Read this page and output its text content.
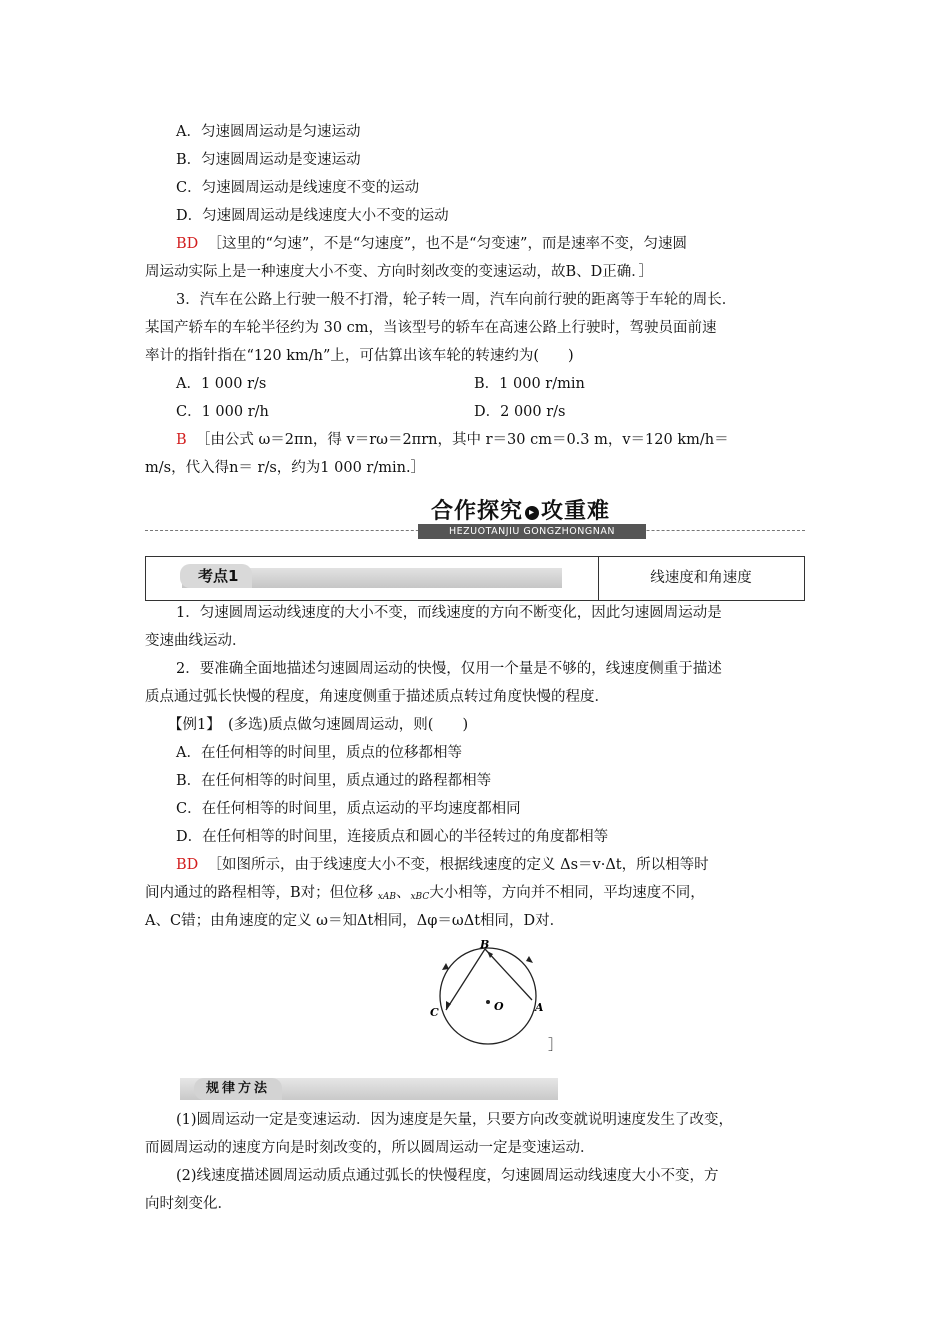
A．匀速圆周运动是匀速运动
B．匀速圆周运动是变速运动
C．匀速圆周运动是线速度不变的运动
D．匀速圆周运动是线速度大小不变的运动
BD ［这里的“匀速”，不是“匀速度”，也不是“匀变速”，而是速率不变，匀速圆
周运动实际上是一种速度大小不变、方向时刻改变的变速运动，故B、D正确．］
3．汽车在公路上行驶一般不打滑，轮子转一周，汽车向前行驶的距离等于车轮的周长．
某国产轿车的车轮半径约为 30 cm，当该型号的轿车在高速公路上行驶时，驾驶员面前速
率计的指针指在“120 km/h”上，可估算出该车轮的转速约为(　　)
A．1 000 r/s	B．1 000 r/min
C．1 000 r/h	D．2 000 r/s
B ［由公式 ω＝2πn，得 v＝rω＝2πrn，其中 r＝30 cm＝0.3 m，v＝120 km/h＝
m/s，代入得n＝ r/s，约为1 000 r/min.］
合作探究 ▸ 攻重难
HEZUOTANJIU GONGZHONGNAN
考点1	线速度和角速度
1．匀速圆周运动线速度的大小不变，而线速度的方向不断变化，因此匀速圆周运动是
变速曲线运动．
2．要准确全面地描述匀速圆周运动的快慢，仅用一个量是不够的，线速度侧重于描述
质点通过弧长快慢的程度，角速度侧重于描述质点转过角度快慢的程度．
【例1】　(多选)质点做匀速圆周运动，则(　　)
A．在任何相等的时间里，质点的位移都相等
B．在任何相等的时间里，质点通过的路程都相等
C．在任何相等的时间里，质点运动的平均速度都相同
D．在任何相等的时间里，连接质点和圆心的半径转过的角度都相等
BD ［如图所示，由于线速度大小不变，根据线速度的定义 Δs＝v·Δt，所以相等时
间内通过的路程相等，B对；但位移 $_{xAB}$、$_{xBC}$大小相等，方向并不相同，平均速度不同，
A、C错；由角速度的定义 ω＝知Δt相同，Δφ＝ωΔt相同，D对．
B
C	O	A
］
规律方法
(1)圆周运动一定是变速运动．因为速度是矢量，只要方向改变就说明速度发生了改变，
而圆周运动的速度方向是时刻改变的，所以圆周运动一定是变速运动．
(2)线速度描述圆周运动质点通过弧长的快慢程度，匀速圆周运动线速度大小不变，方
向时刻变化．
